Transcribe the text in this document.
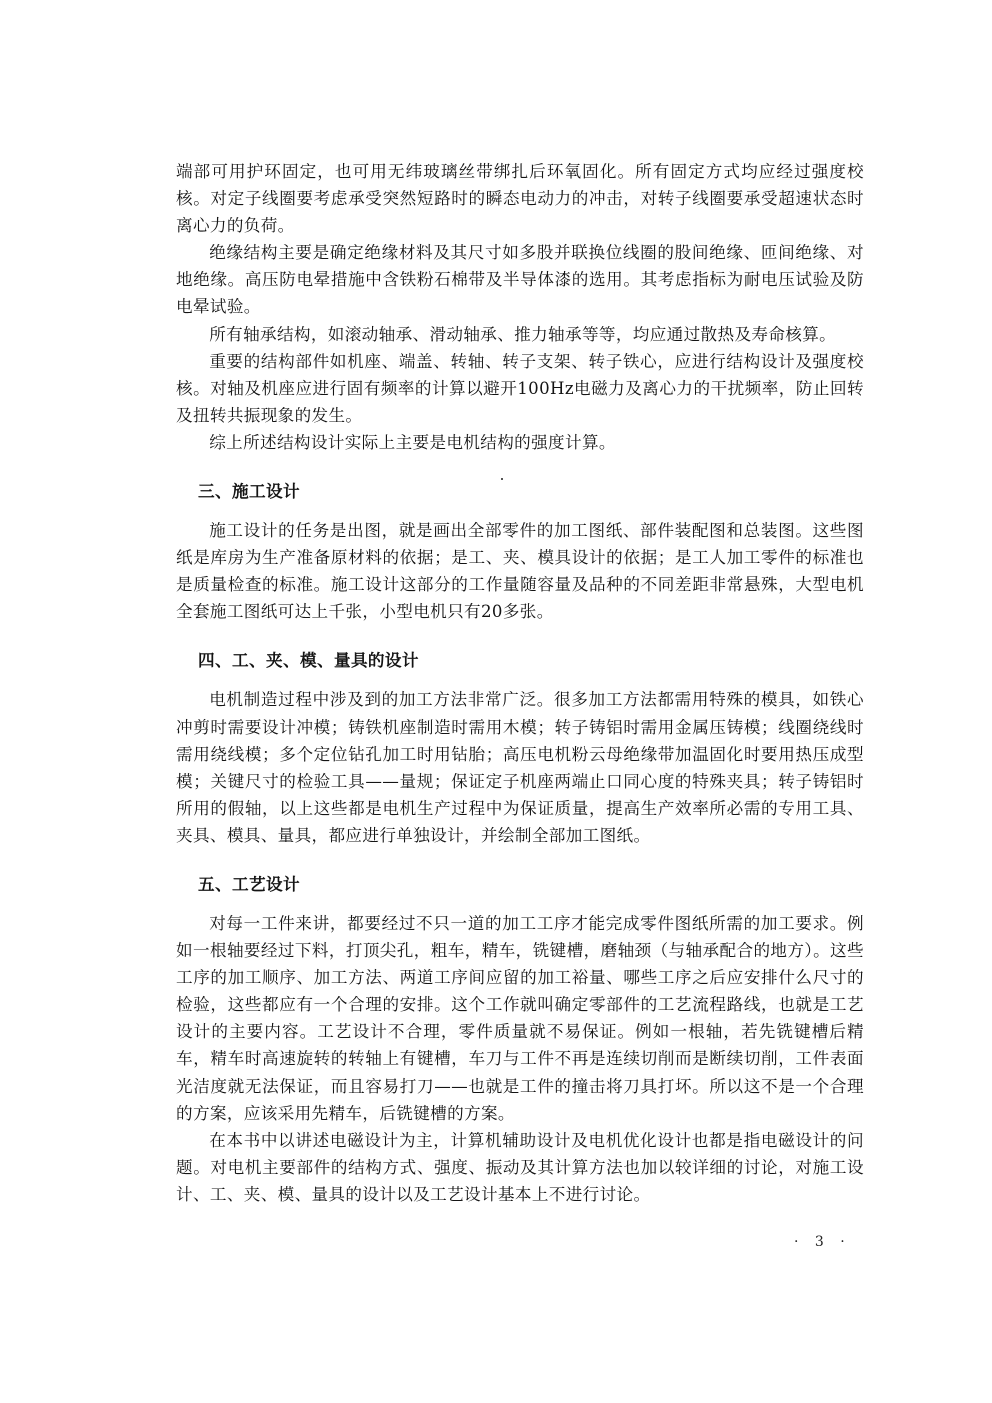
端部可用护环固定，也可用无纬玻璃丝带绑扎后环氧固化。所有固定方式均应经过强度校核。对定子线圈要考虑承受突然短路时的瞬态电动力的冲击，对转子线圈要承受超速状态时离心力的负荷。

绝缘结构主要是确定绝缘材料及其尺寸如多股并联换位线圈的股间绝缘、匝间绝缘、对地绝缘。高压防电晕措施中含铁粉石棉带及半导体漆的选用。其考虑指标为耐电压试验及防电晕试验。

所有轴承结构，如滚动轴承、滑动轴承、推力轴承等等，均应通过散热及寿命核算。

重要的结构部件如机座、端盖、转轴、转子支架、转子铁心，应进行结构设计及强度校核。对轴及机座应进行固有频率的计算以避开100Hz电磁力及离心力的干扰频率，防止回转及扭转共振现象的发生。

综上所述结构设计实际上主要是电机结构的强度计算。

三、施工设计

施工设计的任务是出图，就是画出全部零件的加工图纸、部件装配图和总装图。这些图纸是库房为生产准备原材料的依据；是工、夹、模具设计的依据；是工人加工零件的标准也是质量检查的标准。施工设计这部分的工作量随容量及品种的不同差距非常悬殊，大型电机全套施工图纸可达上千张，小型电机只有20多张。

四、工、夹、模、量具的设计

电机制造过程中涉及到的加工方法非常广泛。很多加工方法都需用特殊的模具，如铁心冲剪时需要设计冲模；铸铁机座制造时需用木模；转子铸铝时需用金属压铸模；线圈绕线时需用绕线模；多个定位钻孔加工时用钻胎；高压电机粉云母绝缘带加温固化时要用热压成型模；关键尺寸的检验工具——量规；保证定子机座两端止口同心度的特殊夹具；转子铸铝时所用的假轴，以上这些都是电机生产过程中为保证质量，提高生产效率所必需的专用工具、夹具、模具、量具，都应进行单独设计，并绘制全部加工图纸。

五、工艺设计

对每一工件来讲，都要经过不只一道的加工工序才能完成零件图纸所需的加工要求。例如一根轴要经过下料，打顶尖孔，粗车，精车，铣键槽，磨轴颈（与轴承配合的地方）。这些工序的加工顺序、加工方法、两道工序间应留的加工裕量、哪些工序之后应安排什么尺寸的检验，这些都应有一个合理的安排。这个工作就叫确定零部件的工艺流程路线，也就是工艺设计的主要内容。工艺设计不合理，零件质量就不易保证。例如一根轴，若先铣键槽后精车，精车时高速旋转的转轴上有键槽，车刀与工件不再是连续切削而是断续切削，工件表面光洁度就无法保证，而且容易打刀——也就是工件的撞击将刀具打坏。所以这不是一个合理的方案，应该采用先精车，后铣键槽的方案。

在本书中以讲述电磁设计为主，计算机辅助设计及电机优化设计也都是指电磁设计的问题。对电机主要部件的结构方式、强度、振动及其计算方法也加以较详细的讨论，对施工设计、工、夹、模、量具的设计以及工艺设计基本上不进行讨论。

· 3 ·
